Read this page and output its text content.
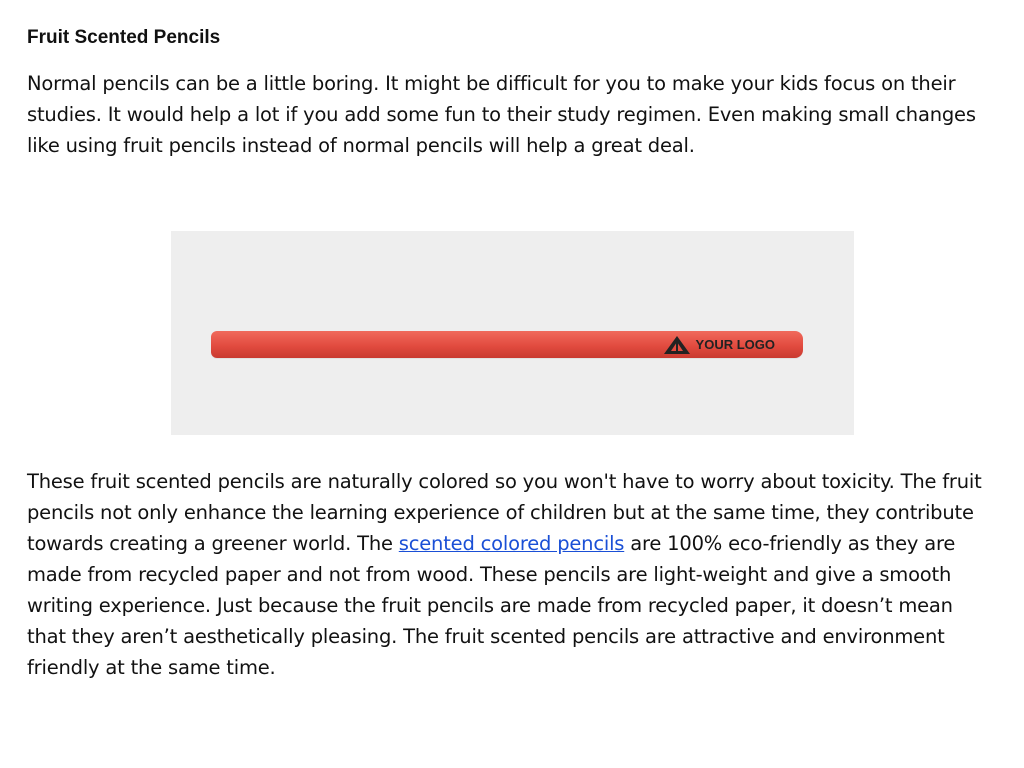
Fruit Scented Pencils

Normal pencils can be a little boring. It might be difficult for you to make your kids focus on their studies. It would help a lot if you add some fun to their study regimen. Even making small changes like using fruit pencils instead of normal pencils will help a great deal.

YOUR LOGO

These fruit scented pencils are naturally colored so you won't have to worry about toxicity. The fruit pencils not only enhance the learning experience of children but at the same time, they contribute towards creating a greener world. The scented colored pencils are 100% eco-friendly as they are made from recycled paper and not from wood. These pencils are light-weight and give a smooth writing experience. Just because the fruit pencils are made from recycled paper, it doesn’t mean that they aren’t aesthetically pleasing. The fruit scented pencils are attractive and environment friendly at the same time.
